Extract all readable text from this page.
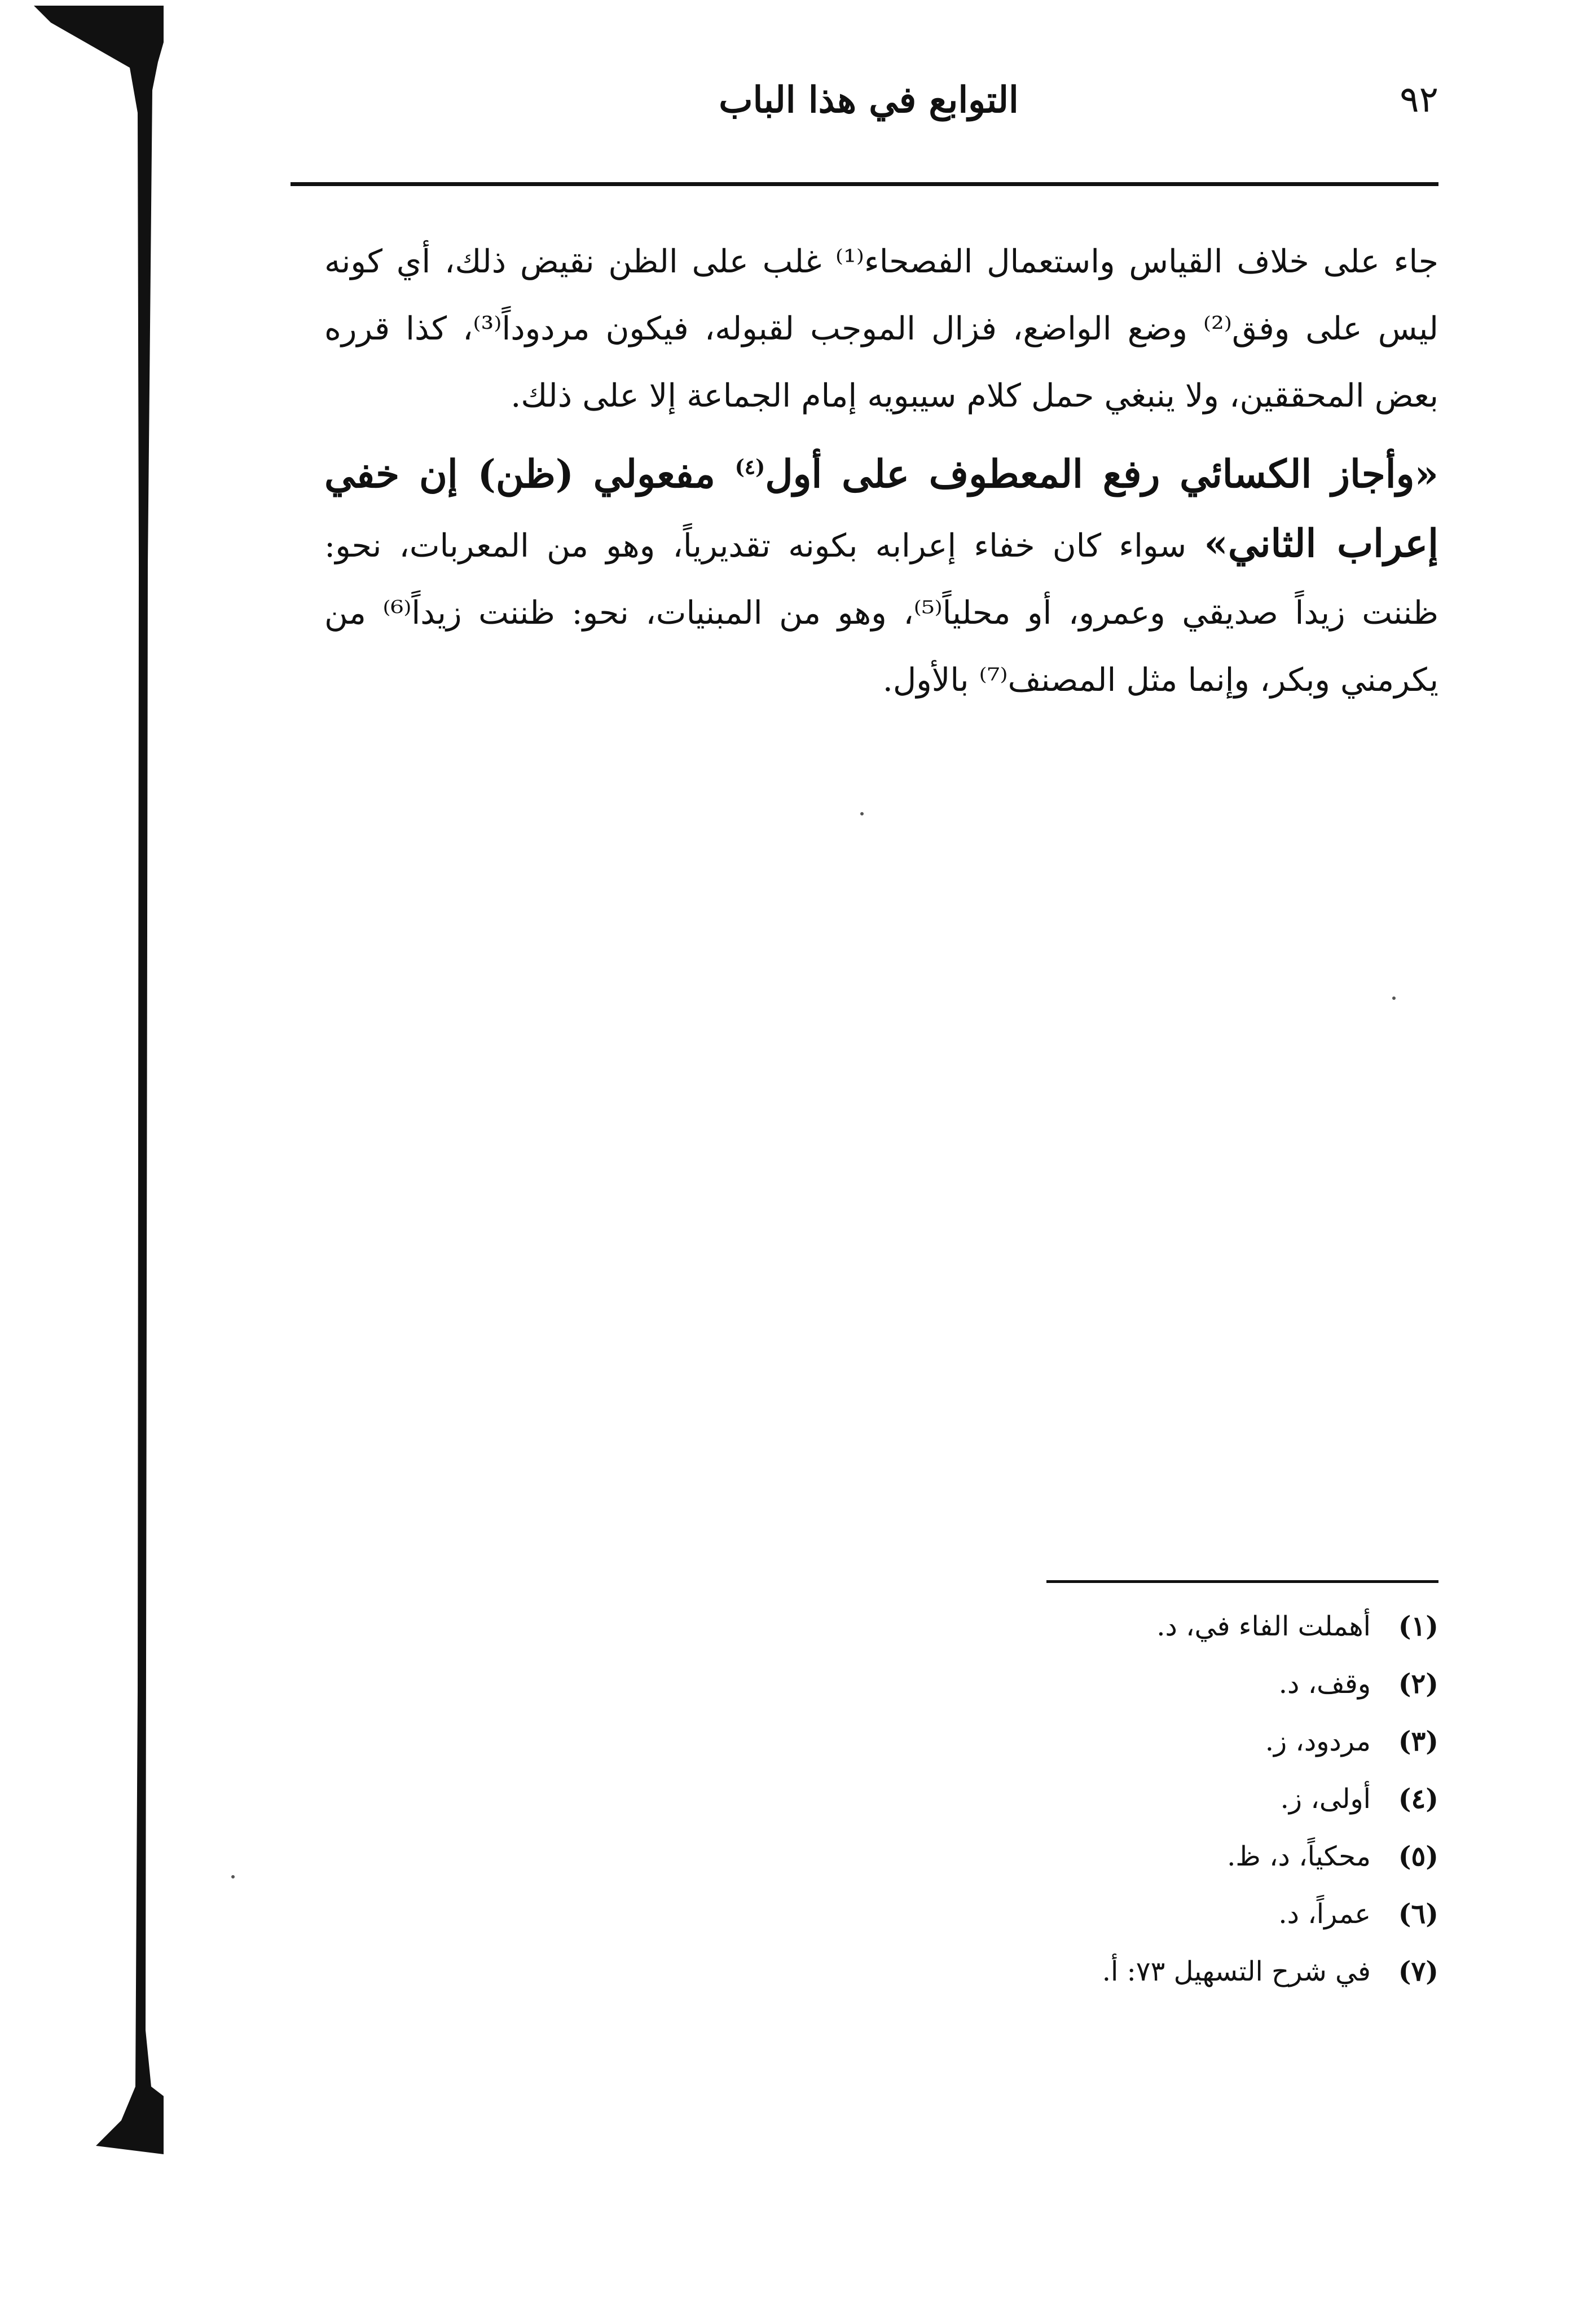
٩٢
التوابع في هذا الباب

جاء على خلاف القياس واستعمال الفصحاء⁽¹⁾ غلب على الظن نقيض ذلك، أي كونه ليس على وفق⁽²⁾ وضع الواضع، فزال الموجب لقبوله، فيكون مردوداً⁽³⁾، كذا قرره بعض المحققين، ولا ينبغي حمل كلام سيبويه إمام الجماعة إلا على ذلك.

«وأجاز الكسائي رفع المعطوف على أول$^{(٤)}$ مفعولي (ظن) إن خفي إعراب الثاني» سواء كان خفاء إعرابه بكونه تقديرياً، وهو من المعربات، نحو: ظننت زيداً صديقي وعمرو، أو محلياً⁽⁵⁾، وهو من المبنيات، نحو: ظننت زيداً⁽⁶⁾ من يكرمني وبكر، وإنما مثل المصنف⁽⁷⁾ بالأول.

(١)
أهملت الفاء في، د.
(٢)
وقف، د.
(٣)
مردود، ز.
(٤)
أولى، ز.
(٥)
محكياً، د، ظ.
(٦)
عمراً، د.
(٧)
في شرح التسهيل ٧٣: أ.
